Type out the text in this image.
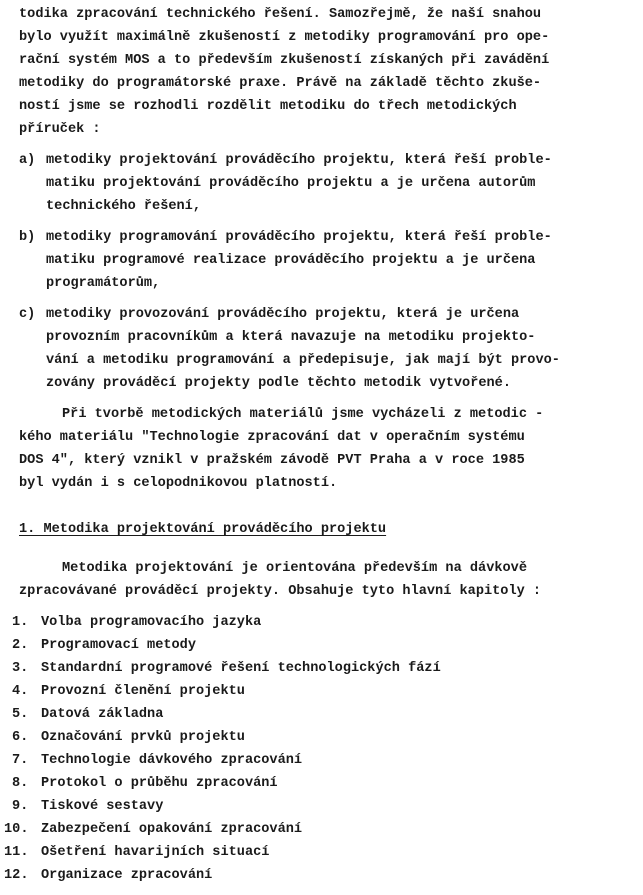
todika zpracování technického řešení. Samozřejmě, že naší snahou
bylo využít maximálně zkušeností z metodiky programování pro ope-
rační systém MOS a to především zkušeností získaných při zavádění
metodiky do programátorské praxe. Právě na základě těchto zkuše-
ností jsme se rozhodli rozdělit metodiku do třech metodických
příruček :
a) metodiky projektování prováděcího projektu, která řeší proble-
matiku projektování prováděcího projektu a je určena autorům
technického řešení,
b) metodiky programování prováděcího projektu, která řeší proble-
matiku programové realizace prováděcího projektu a je určena
programátorům,
c) metodiky provozování prováděcího projektu, která je určena
provozním pracovníkům a která navazuje na metodiku projekto-
vání a metodiku programování a předepisuje, jak mají být provo-
zovány prováděcí projekty podle těchto metodik vytvořené.
Při tvorbě metodických materiálů jsme vycházeli z metodic -
kého materiálu "Technologie zpracování dat v operačním systému
DOS 4", který vznikl v pražském závodě PVT Praha a v roce 1985
byl vydán i s celopodnikovou platností.
1. Metodika projektování prováděcího projektu
Metodika projektování je orientována především na dávkově
zpracovávané prováděcí projekty. Obsahuje tyto hlavní kapitoly :
1. Volba programovacího jazyka
2. Programovací metody
3. Standardní programové řešení technologických fází
4. Provozní členění projektu
5. Datová základna
6. Označování prvků projektu
7. Technologie dávkového zpracování
8. Protokol o průběhu zpracování
9. Tiskové sestavy
10. Zabezpečení opakování zpracování
11. Ošetření havarijních situací
12. Organizace zpracování
